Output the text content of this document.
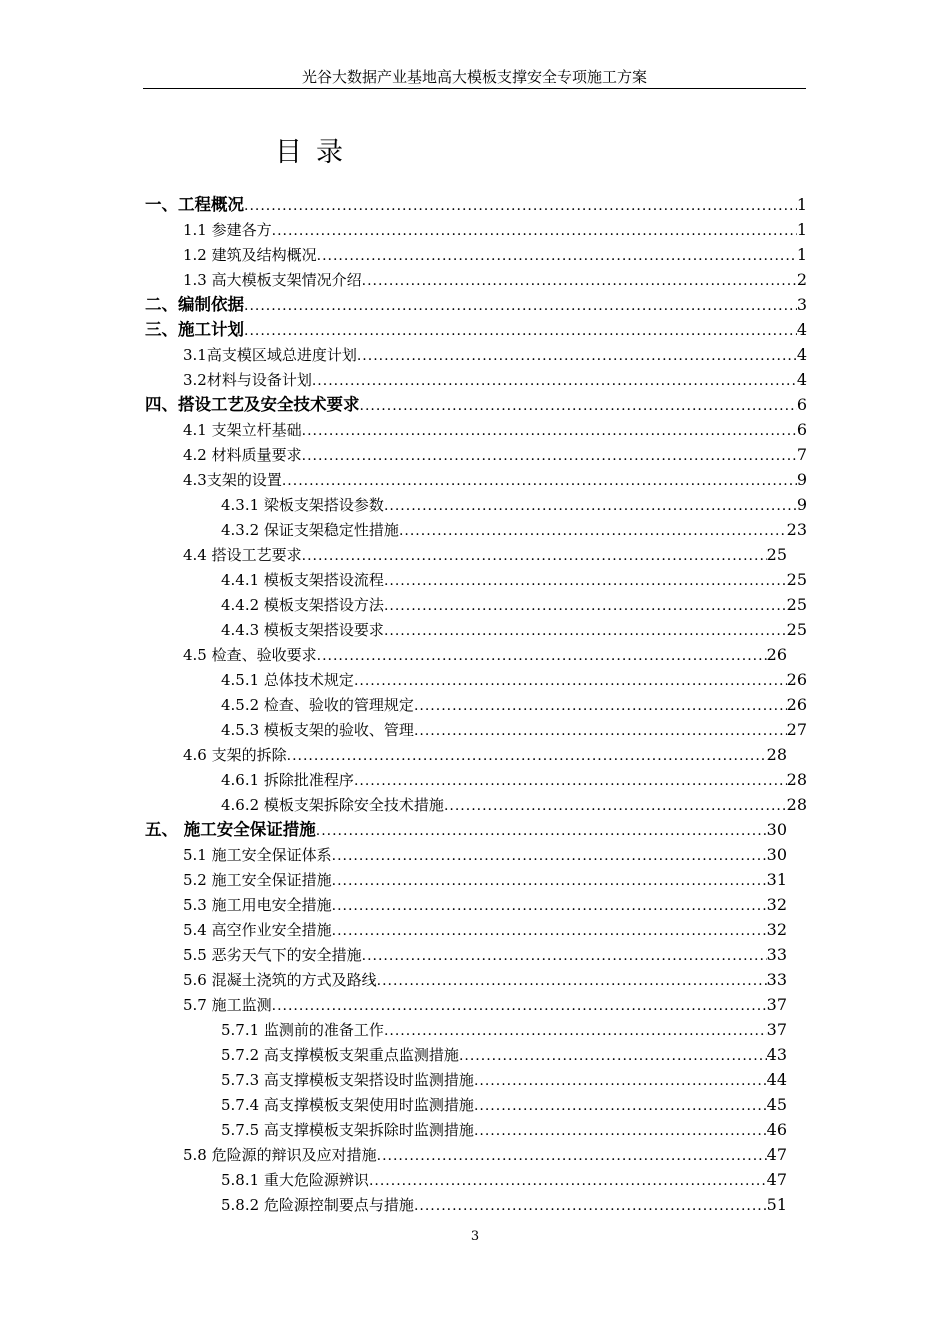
光谷大数据产业基地高大模板支撑安全专项施工方案
目录
一、工程概况 .....	1
1.1 参建各方 .....	1
1.2 建筑及结构概况 .....	1
1.3 高大模板支架情况介绍 .....	2
二、编制依据 .....	3
三、施工计划 .....	4
3.1高支模区域总进度计划 .....	4
3.2材料与设备计划 .....	4
四、搭设工艺及安全技术要求 .....	6
4.1 支架立杆基础 .....	6
4.2 材料质量要求 .....	7
4.3支架的设置 .....	9
4.3.1 梁板支架搭设参数 .....	9
4.3.2 保证支架稳定性措施 .....	23
4.4 搭设工艺要求 .....	25
4.4.1 模板支架搭设流程 .....	25
4.4.2 模板支架搭设方法 .....	25
4.4.3 模板支架搭设要求 .....	25
4.5 检查、验收要求 .....	26
4.5.1 总体技术规定 .....	26
4.5.2 检查、验收的管理规定 .....	26
4.5.3 模板支架的验收、管理 .....	27
4.6 支架的拆除 .....	28
4.6.1 拆除批准程序 .....	28
4.6.2 模板支架拆除安全技术措施 .....	28
五、 施工安全保证措施 .....	30
5.1 施工安全保证体系 .....	30
5.2 施工安全保证措施 .....	31
5.3 施工用电安全措施 .....	32
5.4 高空作业安全措施 .....	32
5.5 恶劣天气下的安全措施 .....	33
5.6 混凝土浇筑的方式及路线 .....	33
5.7 施工监测 .....	37
5.7.1 监测前的准备工作 .....	37
5.7.2 高支撑模板支架重点监测措施 .....	43
5.7.3 高支撑模板支架搭设时监测措施 .....	44
5.7.4 高支撑模板支架使用时监测措施 .....	45
5.7.5 高支撑模板支架拆除时监测措施 .....	46
5.8 危险源的辩识及应对措施 .....	47
5.8.1 重大危险源辨识 .....	47
5.8.2 危险源控制要点与措施 .....	51
3
